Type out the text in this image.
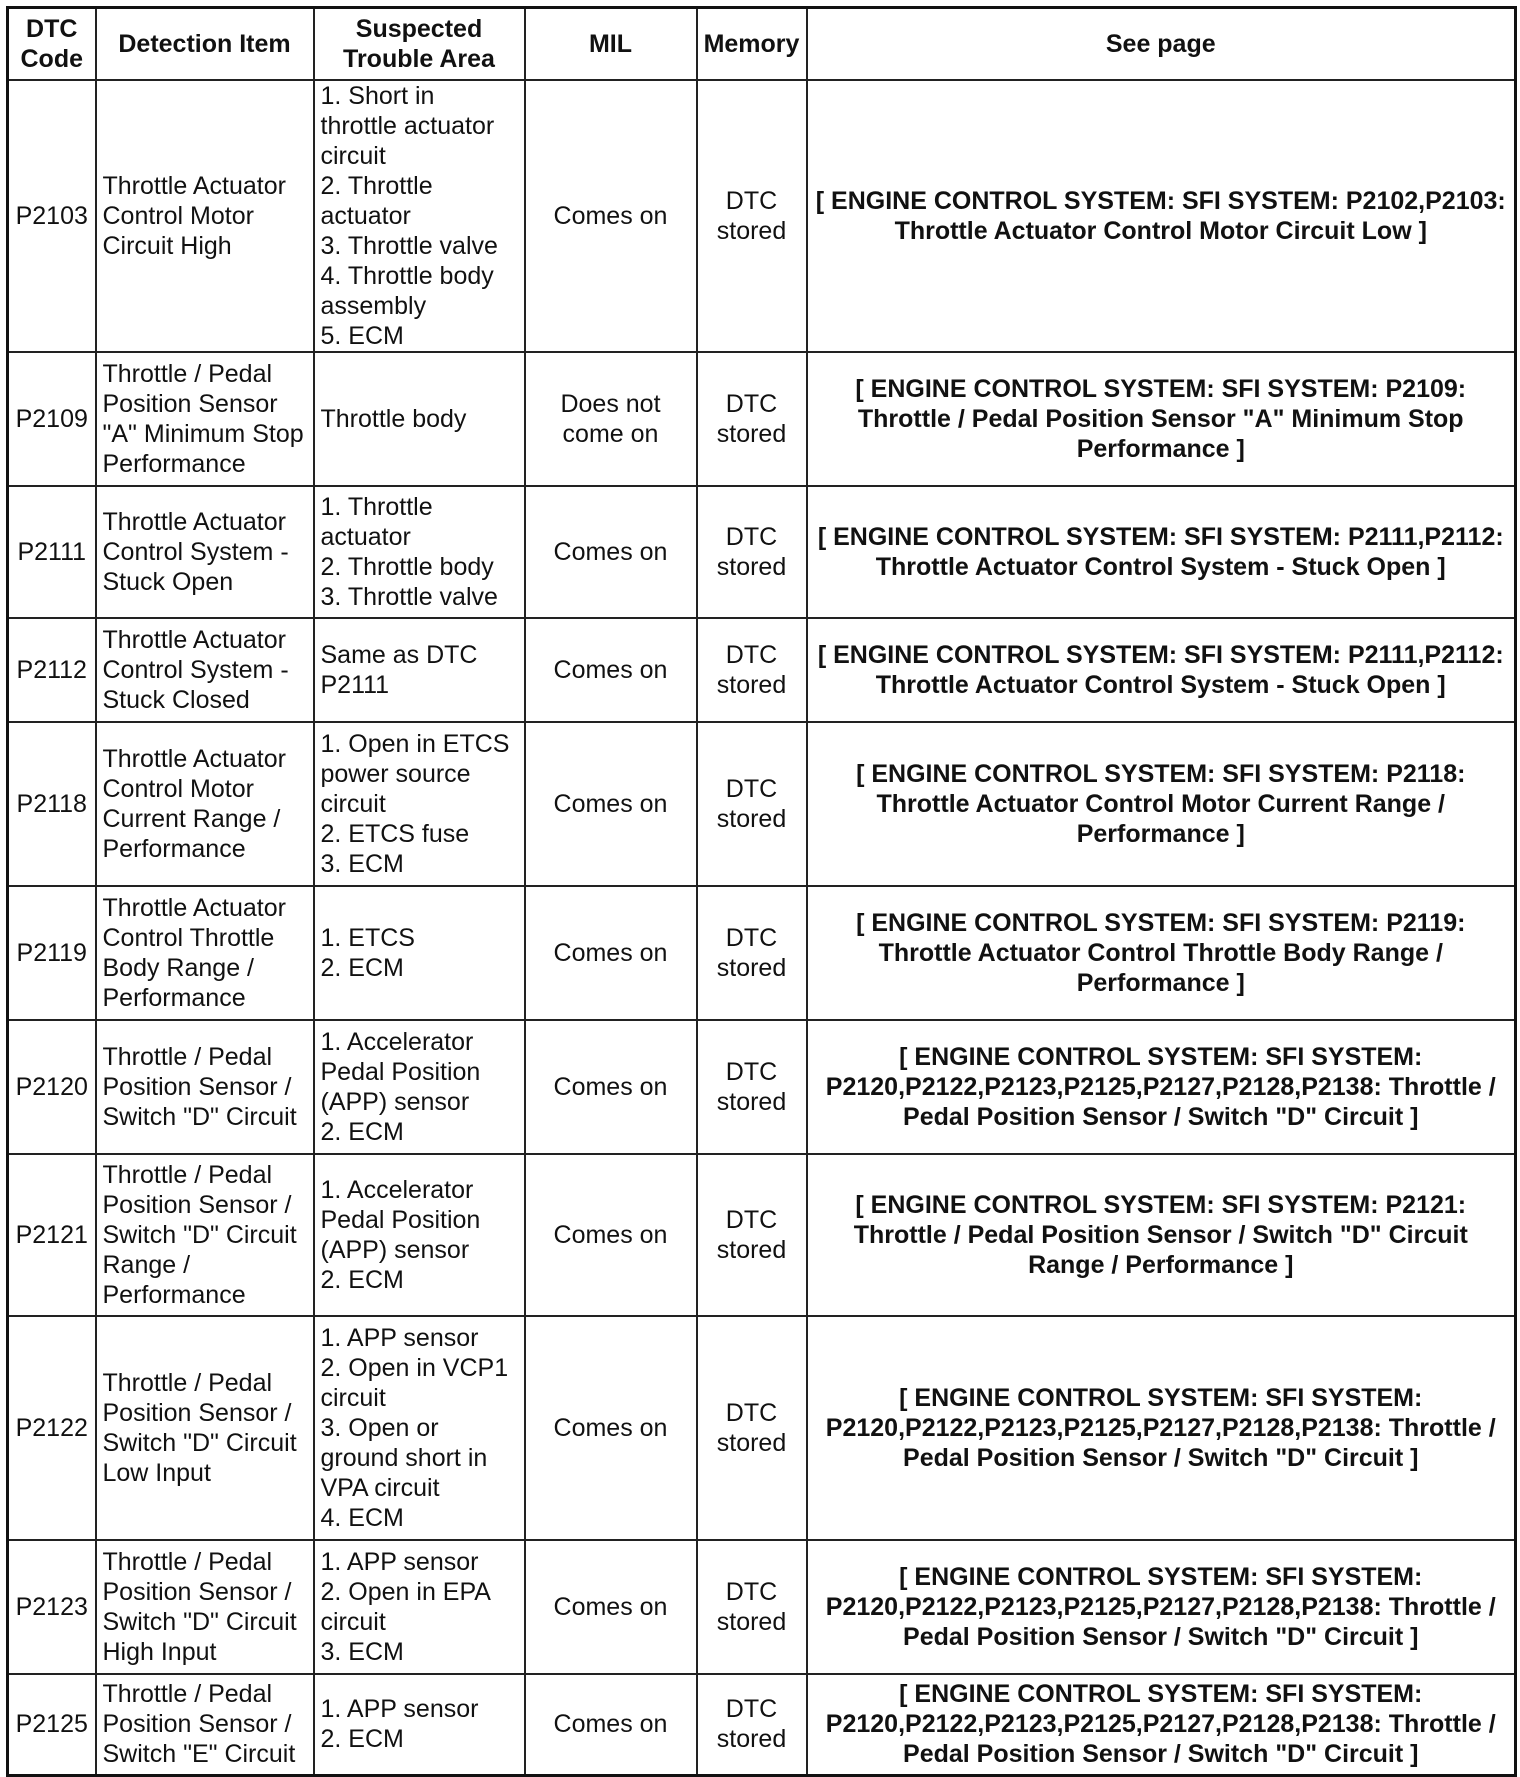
DTC Code	Detection Item	Suspected Trouble Area	MIL	Memory	See page
P2103	Throttle Actuator Control Motor Circuit High	1. Short in throttle actuator circuit
2. Throttle actuator
3. Throttle valve
4. Throttle body assembly
5. ECM	Comes on	DTC stored	[ ENGINE CONTROL SYSTEM: SFI SYSTEM: P2102,P2103: Throttle Actuator Control Motor Circuit Low ]
P2109	Throttle / Pedal Position Sensor "A" Minimum Stop Performance	Throttle body	Does not come on	DTC stored	[ ENGINE CONTROL SYSTEM: SFI SYSTEM: P2109: Throttle / Pedal Position Sensor "A" Minimum Stop Performance ]
P2111	Throttle Actuator Control System - Stuck Open	1. Throttle actuator
2. Throttle body
3. Throttle valve	Comes on	DTC stored	[ ENGINE CONTROL SYSTEM: SFI SYSTEM: P2111,P2112: Throttle Actuator Control System - Stuck Open ]
P2112	Throttle Actuator Control System - Stuck Closed	Same as DTC P2111	Comes on	DTC stored	[ ENGINE CONTROL SYSTEM: SFI SYSTEM: P2111,P2112: Throttle Actuator Control System - Stuck Open ]
P2118	Throttle Actuator Control Motor Current Range / Performance	1. Open in ETCS power source circuit
2. ETCS fuse
3. ECM	Comes on	DTC stored	[ ENGINE CONTROL SYSTEM: SFI SYSTEM: P2118: Throttle Actuator Control Motor Current Range / Performance ]
P2119	Throttle Actuator Control Throttle Body Range / Performance	1. ETCS
2. ECM	Comes on	DTC stored	[ ENGINE CONTROL SYSTEM: SFI SYSTEM: P2119: Throttle Actuator Control Throttle Body Range / Performance ]
P2120	Throttle / Pedal Position Sensor / Switch "D" Circuit	1. Accelerator Pedal Position (APP) sensor
2. ECM	Comes on	DTC stored	[ ENGINE CONTROL SYSTEM: SFI SYSTEM: P2120,P2122,P2123,P2125,P2127,P2128,P2138: Throttle / Pedal Position Sensor / Switch "D" Circuit ]
P2121	Throttle / Pedal Position Sensor / Switch "D" Circuit Range / Performance	1. Accelerator Pedal Position (APP) sensor
2. ECM	Comes on	DTC stored	[ ENGINE CONTROL SYSTEM: SFI SYSTEM: P2121: Throttle / Pedal Position Sensor / Switch "D" Circuit Range / Performance ]
P2122	Throttle / Pedal Position Sensor / Switch "D" Circuit Low Input	1. APP sensor
2. Open in VCP1 circuit
3. Open or ground short in VPA circuit
4. ECM	Comes on	DTC stored	[ ENGINE CONTROL SYSTEM: SFI SYSTEM: P2120,P2122,P2123,P2125,P2127,P2128,P2138: Throttle / Pedal Position Sensor / Switch "D" Circuit ]
P2123	Throttle / Pedal Position Sensor / Switch "D" Circuit High Input	1. APP sensor
2. Open in EPA circuit
3. ECM	Comes on	DTC stored	[ ENGINE CONTROL SYSTEM: SFI SYSTEM: P2120,P2122,P2123,P2125,P2127,P2128,P2138: Throttle / Pedal Position Sensor / Switch "D" Circuit ]
P2125	Throttle / Pedal Position Sensor / Switch "E" Circuit	1. APP sensor
2. ECM	Comes on	DTC stored	[ ENGINE CONTROL SYSTEM: SFI SYSTEM: P2120,P2122,P2123,P2125,P2127,P2128,P2138: Throttle / Pedal Position Sensor / Switch "D" Circuit ]
